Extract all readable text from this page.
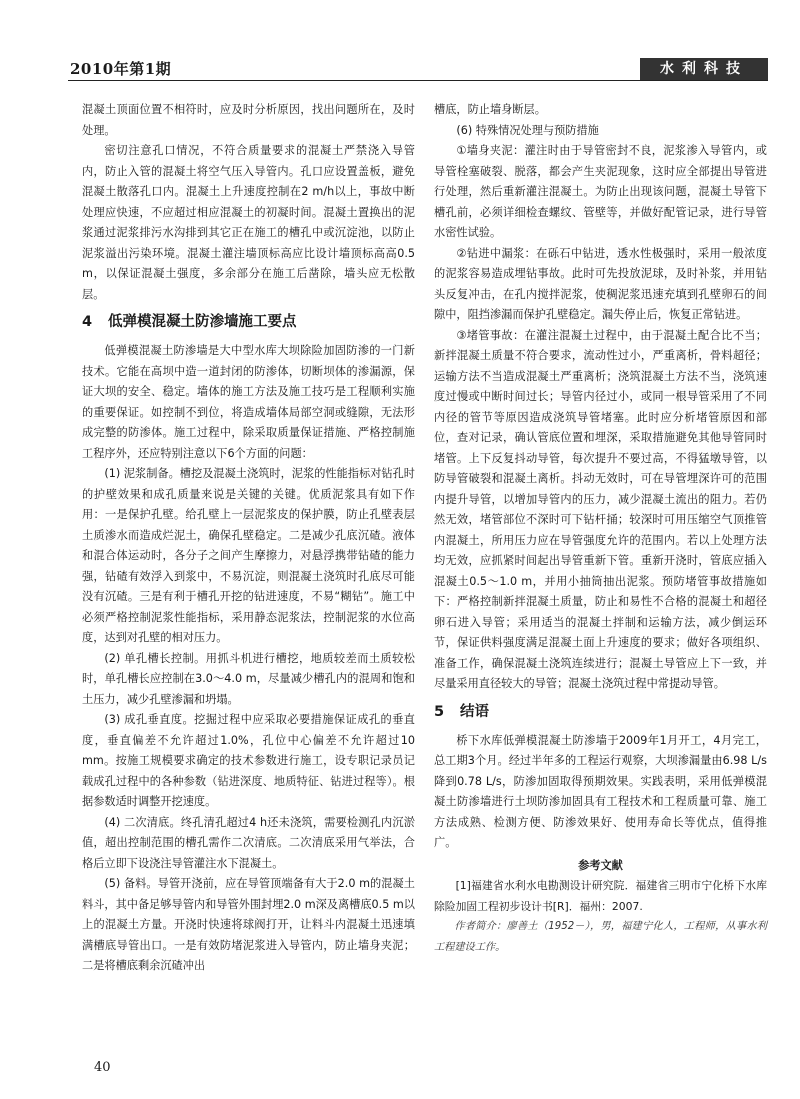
2010年第1期	水利科技

混凝土顶面位置不相符时，应及时分析原因，找出问题所在，及时处理。

密切注意孔口情况，不符合质量要求的混凝土严禁浇入导管内，防止入管的混凝土将空气压入导管内。孔口应设置盖板，避免混凝土散落孔口内。混凝土上升速度控制在2 m/h以上，事故中断处理应快速，不应超过相应混凝土的初凝时间。混凝土置换出的泥浆通过泥浆排污水沟排到其它正在施工的槽孔中或沉淀池，以防止泥浆溢出污染环境。混凝土灌注墙顶标高应比设计墙顶标高高0.5 m，以保证混凝土强度，多余部分在施工后凿除，墙头应无松散层。

4 低弹模混凝土防渗墙施工要点

低弹模混凝土防渗墙是大中型水库大坝除险加固防渗的一门新技术。它能在高坝中造一道封闭的防渗体，切断坝体的渗漏源，保证大坝的安全、稳定。墙体的施工方法及施工技巧是工程顺利实施的重要保证。如控制不到位，将造成墙体局部空洞或缝隙，无法形成完整的防渗体。施工过程中，除采取质量保证措施、严格控制施工程序外，还应特别注意以下6个方面的问题：

(1) 泥浆制备。槽挖及混凝土浇筑时，泥浆的性能指标对钻孔时的护壁效果和成孔质量来说是关键的关键。优质泥浆具有如下作用：一是保护孔壁。给孔壁上一层泥浆皮的保护膜，防止孔壁表层土质渗水而造成烂泥土，确保孔壁稳定。二是减少孔底沉碴。液体和混合体运动时，各分子之间产生摩擦力，对悬浮携带钻碴的能力强，钻碴有效浮入到浆中，不易沉淀，则混凝土浇筑时孔底尽可能没有沉碴。三是有利于槽孔开挖的钻进速度，不易“糊钻”。施工中必须严格控制泥浆性能指标，采用静态泥浆法，控制泥浆的水位高度，达到对孔壁的相对压力。

(2) 单孔槽长控制。用抓斗机进行槽挖，地质较差而土质较松时，单孔槽长应控制在3.0～4.0 m，尽量减少槽孔内的混周和饱和土压力，减少孔壁渗漏和坍塌。

(3) 成孔垂直度。挖掘过程中应采取必要措施保证成孔的垂直度，垂直偏差不允许超过1.0%，孔位中心偏差不允许超过10 mm。按施工规模要求确定的技术参数进行施工，设专职记录员记载成孔过程中的各种参数（钻进深度、地质特征、钻进过程等）。根据参数适时调整开挖速度。

(4) 二次清底。终孔清孔超过4 h还未浇筑，需要检测孔内沉淤值，超出控制范围的槽孔需作二次清底。二次清底采用气举法，合格后立即下设浇注导管灌注水下混凝土。

(5) 备料。导管开浇前，应在导管顶端备有大于2.0 m的混凝土料斗，其中备足够导管内和导管外围封埋2.0 m深及离槽底0.5 m以上的混凝土方量。开浇时快速将球阀打开，让料斗内混凝土迅速填满槽底导管出口。一是有效防堵泥浆进入导管内，防止墙身夹泥；二是将槽底剩余沉碴冲出

槽底，防止墙身断层。

(6) 特殊情况处理与预防措施

①墙身夹泥：灌注时由于导管密封不良，泥浆渗入导管内，或导管栓塞破裂、脱落，都会产生夹泥现象，这时应全部提出导管进行处理，然后重新灌注混凝土。为防止出现该问题，混凝土导管下槽孔前，必须详细检查螺纹、管壁等，并做好配管记录，进行导管水密性试验。

②钻进中漏浆：在砾石中钻进，透水性极强时，采用一般浓度的泥浆容易造成埋钻事故。此时可先投放泥球，及时补浆，并用钻头反复冲击，在孔内搅拌泥浆，使稠泥浆迅速充填到孔壁卵石的间隙中，阻挡渗漏而保护孔壁稳定。漏失停止后，恢复正常钻进。

③堵管事故：在灌注混凝土过程中，由于混凝土配合比不当；新拌混凝土质量不符合要求，流动性过小，严重离析，骨料超径；运输方法不当造成混凝土严重离析；浇筑混凝土方法不当，浇筑速度过慢或中断时间过长；导管内径过小，或同一根导管采用了不同内径的管节等原因造成浇筑导管堵塞。此时应分析堵管原因和部位，查对记录，确认管底位置和埋深，采取措施避免其他导管同时堵管。上下反复抖动导管，每次提升不要过高，不得猛墩导管，以防导管破裂和混凝土离析。抖动无效时，可在导管埋深许可的范围内提升导管，以增加导管内的压力，减少混凝土流出的阻力。若仍然无效，堵管部位不深时可下钻杆捅；较深时可用压缩空气顶推管内混凝土，所用压力应在导管强度允许的范围内。若以上处理方法均无效，应抓紧时间起出导管重新下管。重新开浇时，管底应插入混凝土0.5～1.0 m，并用小抽筒抽出泥浆。预防堵管事故措施如下：严格控制新拌混凝土质量，防止和易性不合格的混凝土和超径卵石进入导管；采用适当的混凝土拌制和运输方法，减少倒运环节，保证供料强度满足混凝土面上升速度的要求；做好各项组织、准备工作，确保混凝土浇筑连续进行；混凝土导管应上下一致，并尽量采用直径较大的导管；混凝土浇筑过程中常提动导管。

5 结语

桥下水库低弹模混凝土防渗墙于2009年1月开工，4月完工，总工期3个月。经过半年多的工程运行观察，大坝渗漏量由6.98 L/s降到0.78 L/s，防渗加固取得预期效果。实践表明，采用低弹模混凝土防渗墙进行土坝防渗加固具有工程技术和工程质量可靠、施工方法成熟、检测方便、防渗效果好、使用寿命长等优点，值得推广。

参考文献

[1]福建省水利水电勘测设计研究院．福建省三明市宁化桥下水库除险加固工程初步设计书[R]．福州：2007.

作者简介：廖善土（1952－），男，福建宁化人，工程师，从事水利工程建设工作。

40
